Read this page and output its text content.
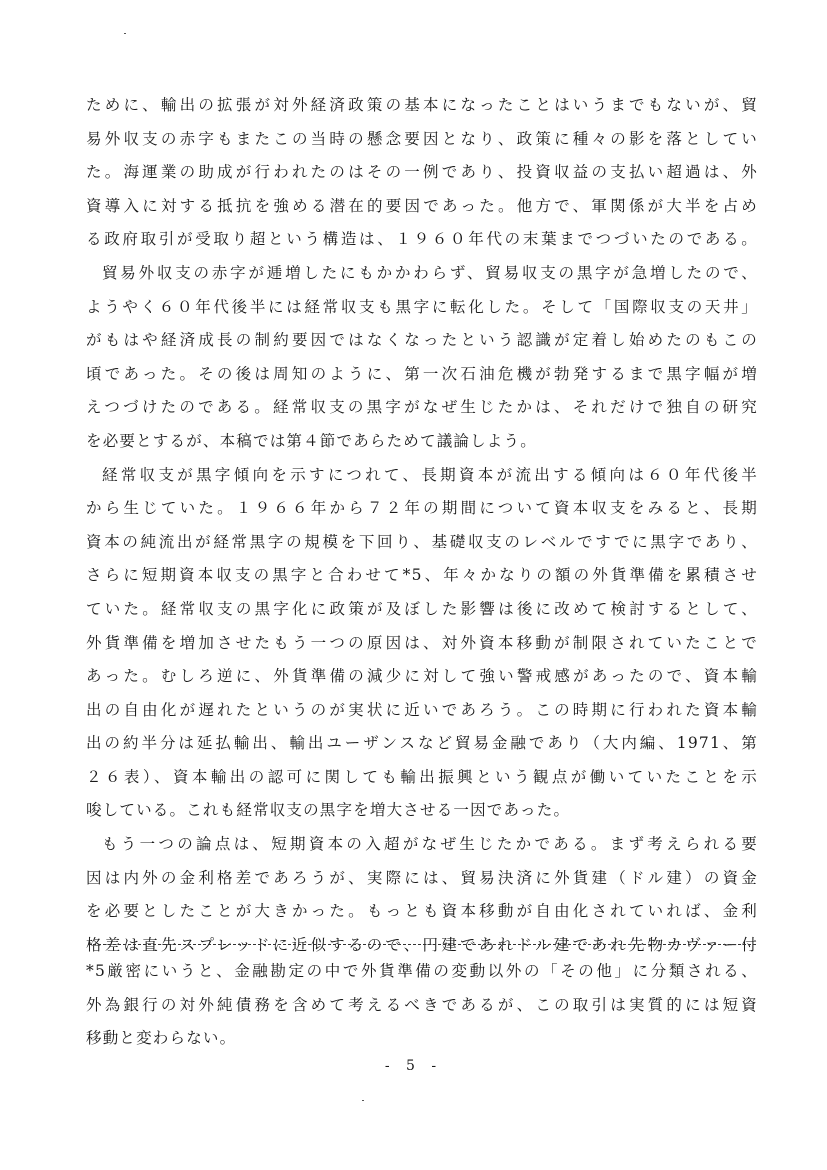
ために、輸出の拡張が対外経済政策の基本になったことはいうまでもないが、貿
易外収支の赤字もまたこの当時の懸念要因となり、政策に種々の影を落としてい
た。海運業の助成が行われたのはその一例であり、投資収益の支払い超過は、外
資導入に対する抵抗を強める潜在的要因であった。他方で、軍関係が大半を占め
る政府取引が受取り超という構造は、１９６０年代の末葉までつづいたのである。
貿易外収支の赤字が逓増したにもかかわらず、貿易収支の黒字が急増したので、
ようやく６０年代後半には経常収支も黒字に転化した。そして「国際収支の天井」
がもはや経済成長の制約要因ではなくなったという認識が定着し始めたのもこの
頃であった。その後は周知のように、第一次石油危機が勃発するまで黒字幅が増
えつづけたのである。経常収支の黒字がなぜ生じたかは、それだけで独自の研究
を必要とするが、本稿では第４節であらためて議論しよう。
経常収支が黒字傾向を示すにつれて、長期資本が流出する傾向は６０年代後半
から生じていた。１９６６年から７２年の期間について資本収支をみると、長期
資本の純流出が経常黒字の規模を下回り、基礎収支のレベルですでに黒字であり、
さらに短期資本収支の黒字と合わせて*5、年々かなりの額の外貨準備を累積させ
ていた。経常収支の黒字化に政策が及ぼした影響は後に改めて検討するとして、
外貨準備を増加させたもう一つの原因は、対外資本移動が制限されていたことで
あった。むしろ逆に、外貨準備の減少に対して強い警戒感があったので、資本輸
出の自由化が遅れたというのが実状に近いであろう。この時期に行われた資本輸
出の約半分は延払輸出、輸出ユーザンスなど貿易金融であり（大内編、1971、第
２６表）、資本輸出の認可に関しても輸出振興という観点が働いていたことを示
唆している。これも経常収支の黒字を増大させる一因であった。
もう一つの論点は、短期資本の入超がなぜ生じたかである。まず考えられる要
因は内外の金利格差であろうが、実際には、貿易決済に外貨建（ドル建）の資金
を必要としたことが大きかった。もっとも資本移動が自由化されていれば、金利
格差は直先スプレッドに近似するので、円建であれドル建であれ先物カヴァー付
*5厳密にいうと、金融勘定の中で外貨準備の変動以外の「その他」に分類される、
外為銀行の対外純債務を含めて考えるべきであるが、この取引は実質的には短資
移動と変わらない。
- 5 -
